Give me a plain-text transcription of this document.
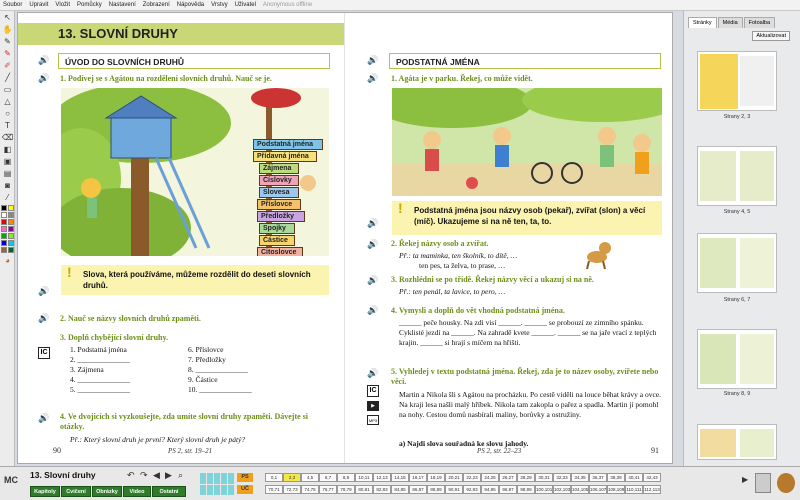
Soubor Upravit Vložit Pomůcky Nastavení Zobrazení Nápověda Vrstvy Uživatel Anonymous offline
↖
✋
✎
✎
✐
╱
▭
△
○
T
⌫
◧
▣
▤
◙
⁄
◕
13. SLOVNÍ DRUHY
🔊	ÚVOD DO SLOVNÍCH DRUHŮ
🔊 1. Podívej se s Agátou na rozdělení slovních druhů. Nauč se je.
Podstatná jména
Přídavná jména
Zájmena
Číslovky
Slovesa
Příslovce
Předložky
Spojky
Částice
Citoslovce
🔊
! Slova, která používáme, můžeme rozdělit do deseti slovních druhů.
🔊 2. Nauč se názvy slovních druhů zpaměti.
3. Doplň chybějící slovní druhy.
IC	1. Podstatná jména
2. ______________
3. Zájmena
4. ______________
5. ______________
6. Příslovce
7. Předložky
8. ______________
9. Částice
10. ______________
🔊 4. Ve dvojicích si vyzkoušejte, zda umíte slovní druhy zpaměti. Dávejte si otázky.
Př.: Který slovní druh je první? Který slovní druh je pátý?
90	PS 2, str. 19–21
🔊	PODSTATNÁ JMÉNA
🔊 1. Agáta je v parku. Řekej, co může vidět.
🔊
! Podstatná jména jsou názvy osob (pekař), zvířat (slon) a věcí (míč). Ukazujeme si na ně ten, ta, to.
🔊 2. Řekej názvy osob a zvířat.
Př.: ta maminka, ten školník, to dítě, …
ten pes, ta želva, to prase, …
🔊 3. Rozhlédni se po třídě. Řekej názvy věcí a ukazuj si na ně.
Př.: ten penál, ta lavice, to pero, …
🔊 4. Vymysli a doplň do vět vhodná podstatná jména.
______ peče housky. Na zdi visí ______. ______ se probouzí ze zimního spánku. Cyklisté jezdí na ______. Na zahradě kvete ______. ______ se na jaře vrací z teplých krajin. ______ si hrají s míčem na hřišti.
🔊 5. Vyhledej v textu podstatná jména. Řekej, zda je to název osoby, zvířete nebo věci.
IC
▶
MP3
Martin a Nikola šli s Agátou na procházku. Po cestě viděli na louce běhat krávy a ovce. Na kraji lesa našli malý hříbek. Nikola tam zakopla o pařez a spadla. Martin jí pomohl na nohy. Cestou domů nasbírali maliny, borůvky a ostružiny.
a) Najdi slova souřadná ke slovu jahody.
91
PS 2, str. 22–23
Stránky	Média	Fotoalba
Aktualizovat
Strany 2, 3
Strany 4, 5
Strany 6, 7
Strany 8, 9
MC 13. Slovní druhy	↶ ↷ ◀ ▶ ⌕
Kapitoly	Cvičení	Obrázky	Video	Ostatní
PS
UČ
0,1	2,3	4,5	6,7	8,9	10,11	12,13	14,15	16,17	18,19	20,21	22,23	24,25	26,27	28,29	30,31	32,33	34,35	36,37	38,39	40,41	42,43
70,71	72,73	74,75	76,77	78,79	80,81	82,83	84,85	86,87	88,89	90,91	92,93	94,95	96,97	98,99 100,101 102,103 104,105 106,107 108,109 110,111 112,113
▶
